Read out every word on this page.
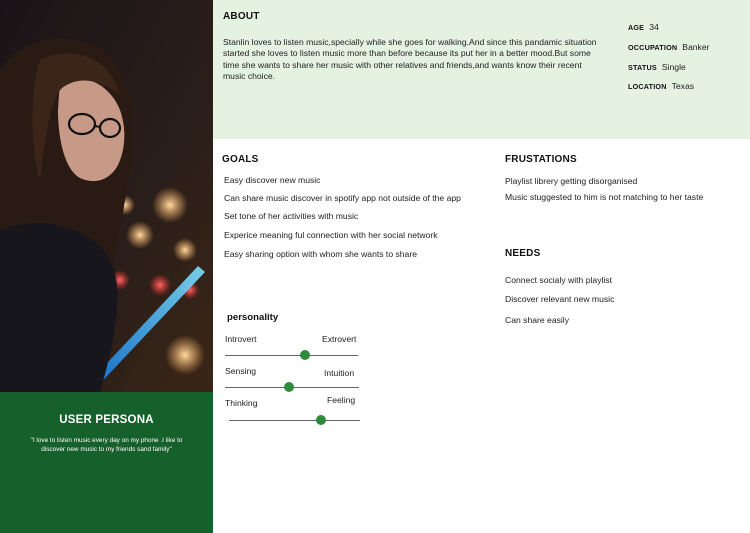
USER PERSONA
"I love to listen music every day on my phone .I like to discover new music to my friends sand family"
ABOUT
Stanlin loves to listen music,specially while she goes for walking.And since this pandamic situation started she loves to listen music more than before because its put her in a better mood.But some time she wants to share her music with other relatives and friends,and wants know their recent music choice.
AGE 34
OCCUPATION Banker
STATUS Single
LOCATION Texas
GOALS
Easy discover new music
Can share music discover in spotify app not outside of the app
Set tone of her activities with music
Experice meaning ful connection with her social network
Easy sharing option with whom she wants to share
FRUSTATIONS
Playlist librery getting disorganised
Music stuggested to him is not matching to her taste
NEEDS
Connect socialy with playlist
Discover relevant new music
Can share easily
personality
Introvert	Extrovert
Sensing	Intuition
Thinking	Feeling
